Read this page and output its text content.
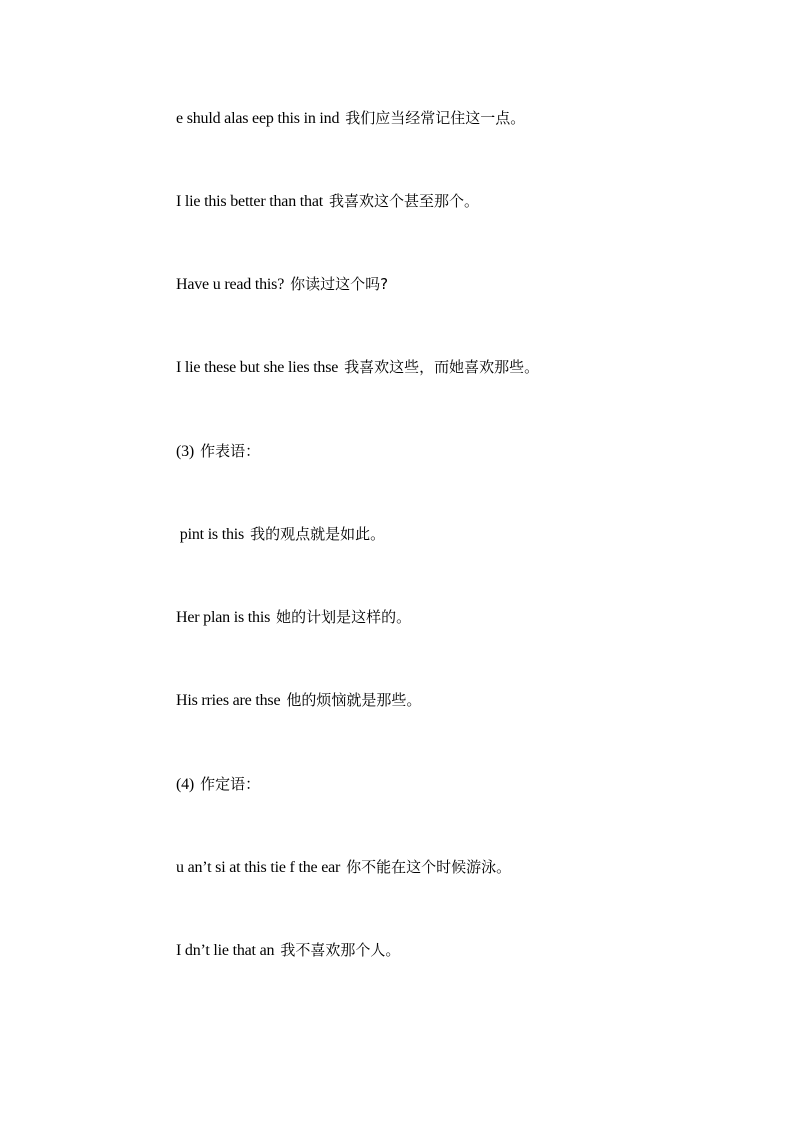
e shuld alas eep this in ind 我们应当经常记住这一点。
I lie this better than that 我喜欢这个甚至那个。
Have u read this? 你读过这个吗?
I lie these but she lies thse 我喜欢这些，而她喜欢那些。
(3) 作表语：
pint is this 我的观点就是如此。
Her plan is this 她的计划是这样的。
His rries are thse 他的烦恼就是那些。
(4) 作定语：
u an’t si at this tie f the ear 你不能在这个时候游泳。
I dn’t lie that an 我不喜欢那个人。
